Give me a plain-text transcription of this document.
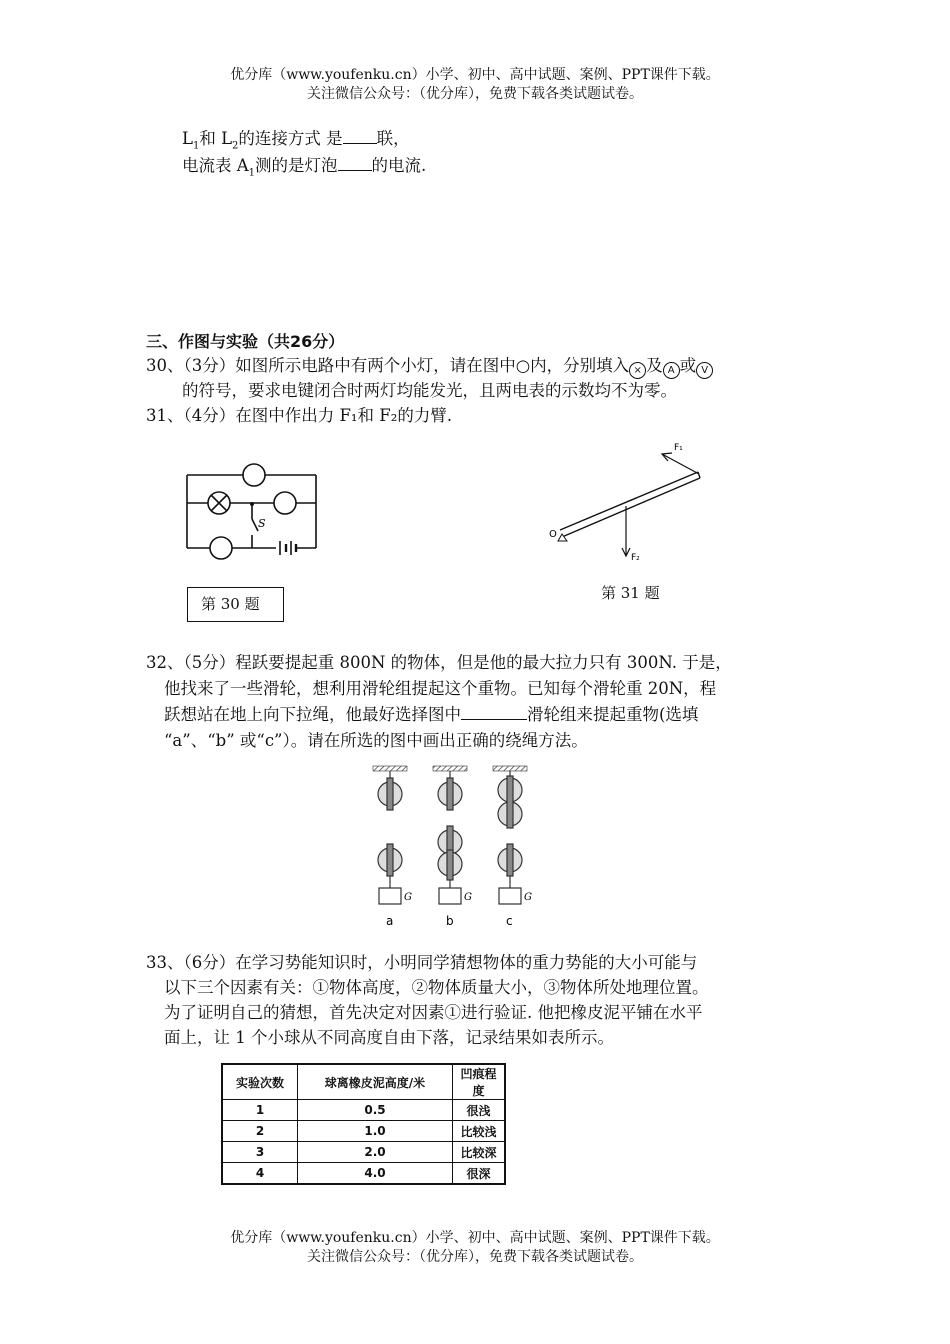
优分库（www.youfenku.cn）小学、初中、高中试题、案例、PPT课件下载。
关注微信公众号：（优分库），免费下载各类试题试卷。
$L_1$和 $L_2$的连接方式 是 联，
电流表 $A_1$测的是灯泡 的电流.
三、作图与实验（共26分）
30、（3分）如图所示电路中有两个小灯，请在图中○内，分别填入 × 及 A 或 V
的符号，要求电键闭合时两灯均能发光，且两电表的示数均不为零。
31、（4分）在图中作出力 F₁和 F₂的力臂.
S
第 30 题
F₁
F₂
O
第 31 题
32、（5分）程跃要提起重 800N 的物体，但是他的最大拉力只有 300N. 于是，
他找来了一些滑轮，想利用滑轮组提起这个重物。已知每个滑轮重 20N，程
跃想站在地上向下拉绳，他最好选择图中	滑轮组来提起重物(选填
“a”、“b” 或“c”）。请在所选的图中画出正确的绕绳方法。
G	G	G
a	b	c
33、（6分）在学习势能知识时，小明同学猜想物体的重力势能的大小可能与
以下三个因素有关：①物体高度，②物体质量大小，③物体所处地理位置。
为了证明自己的猜想，首先决定对因素①进行验证. 他把橡皮泥平铺在水平
面上，让 1 个小球从不同高度自由下落，记录结果如表所示。
实验次数	球离橡皮泥高度/米	凹痕程度
1	0.5	很浅
2	1.0	比较浅
3	2.0	比较深
4	4.0	很深
优分库（www.youfenku.cn）小学、初中、高中试题、案例、PPT课件下载。
关注微信公众号：（优分库），免费下载各类试题试卷。
